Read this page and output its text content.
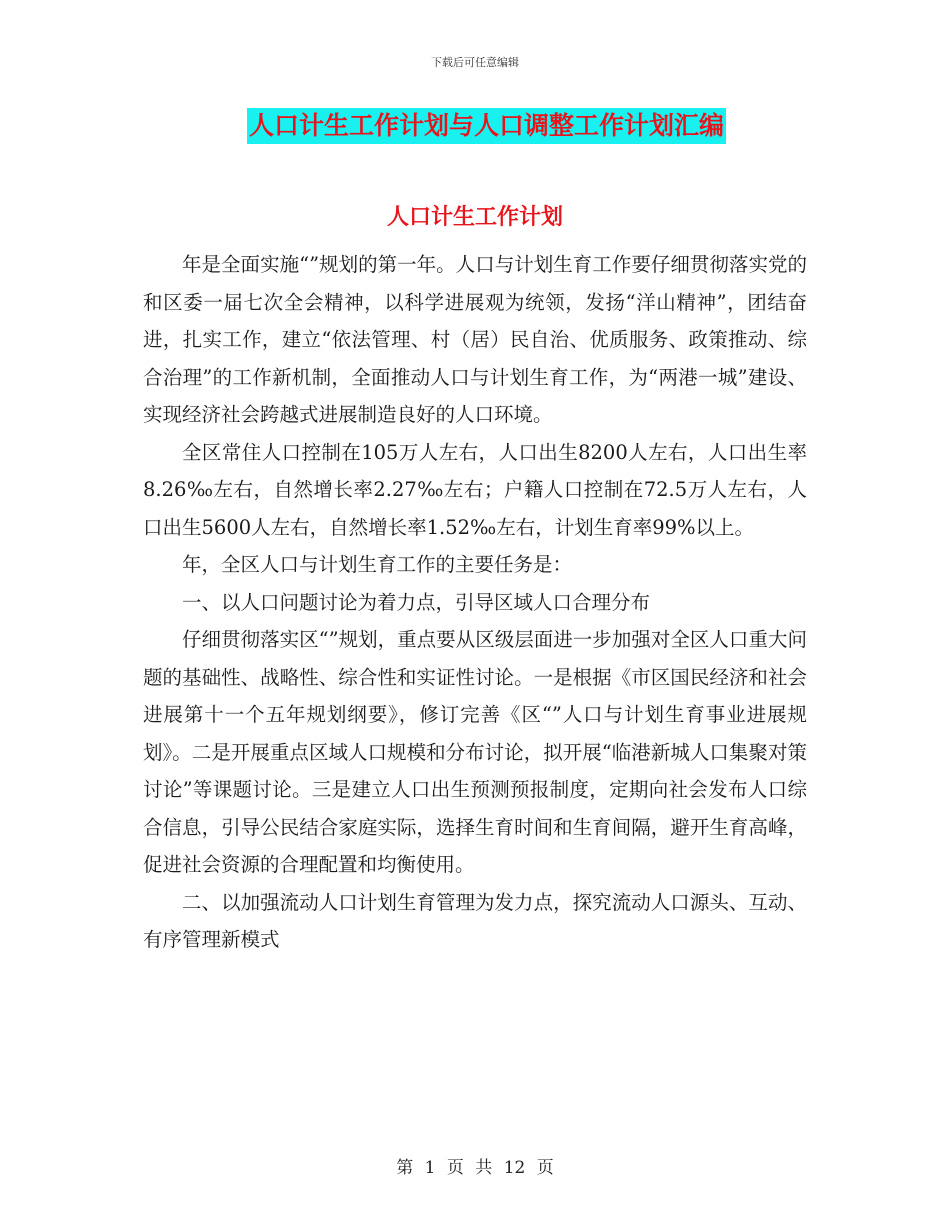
下载后可任意编辑
人口计生工作计划与人口调整工作计划汇编
人口计生工作计划

年是全面实施“”规划的第一年。人口与计划生育工作要仔细贯彻落实党的和区委一届七次全会精神，以科学进展观为统领，发扬“洋山精神”，团结奋进，扎实工作，建立“依法管理、村（居）民自治、优质服务、政策推动、综合治理”的工作新机制，全面推动人口与计划生育工作，为“两港一城”建设、实现经济社会跨越式进展制造良好的人口环境。

全区常住人口控制在105万人左右，人口出生8200人左右，人口出生率8.26‰左右，自然增长率2.27‰左右；户籍人口控制在72.5万人左右，人口出生5600人左右，自然增长率1.52‰左右，计划生育率99%以上。

年，全区人口与计划生育工作的主要任务是：

一、以人口问题讨论为着力点，引导区域人口合理分布

仔细贯彻落实区“”规划，重点要从区级层面进一步加强对全区人口重大问题的基础性、战略性、综合性和实证性讨论。一是根据《市区国民经济和社会进展第十一个五年规划纲要》，修订完善《区“”人口与计划生育事业进展规划》。二是开展重点区域人口规模和分布讨论，拟开展“临港新城人口集聚对策讨论”等课题讨论。三是建立人口出生预测预报制度，定期向社会发布人口综合信息，引导公民结合家庭实际，选择生育时间和生育间隔，避开生育高峰，促进社会资源的合理配置和均衡使用。

二、以加强流动人口计划生育管理为发力点，探究流动人口源头、互动、有序管理新模式

第 1 页 共 12 页
